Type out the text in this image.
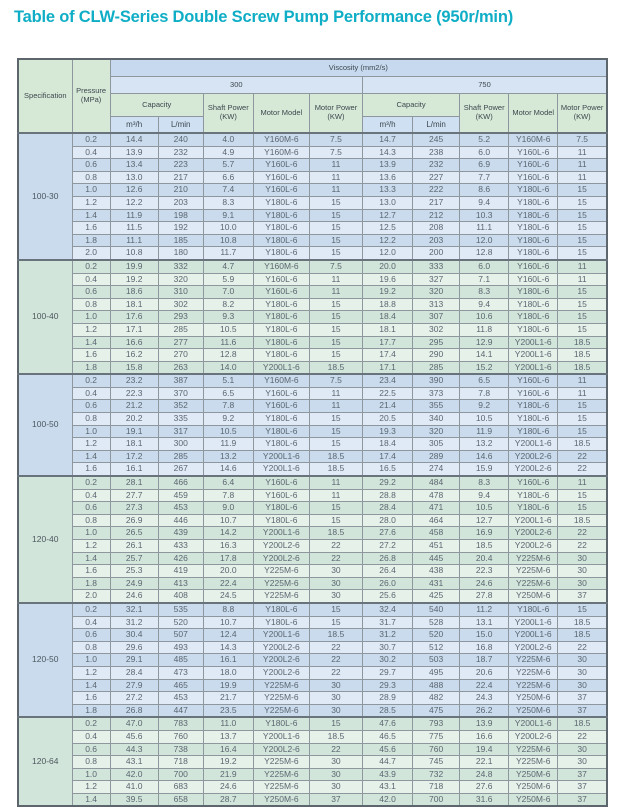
Table of CLW-Series Double Screw Pump Performance (950r/min)
Specification	Pressure (MPa)	Viscosity (mm2/s)									
		300					750				
		Capacity		Shaft Power (KW)	Motor Model	Motor Power (KW)	Capacity		Shaft Power (KW)	Motor Model	Motor Power (KW)
		m³/h	L/min				m³/h	L/min			
100-30	0.2	14.4	240	4.0	Y160M-6	7.5	14.7	245	5.2	Y160M-6	7.5
	0.4	13.9	232	4.9	Y160M-6	7.5	14.3	238	6.0	Y160L-6	11
	0.6	13.4	223	5.7	Y160L-6	11	13.9	232	6.9	Y160L-6	11
	0.8	13.0	217	6.6	Y160L-6	11	13.6	227	7.7	Y160L-6	11
	1.0	12.6	210	7.4	Y160L-6	11	13.3	222	8.6	Y180L-6	15
	1.2	12.2	203	8.3	Y180L-6	15	13.0	217	9.4	Y180L-6	15
	1.4	11.9	198	9.1	Y180L-6	15	12.7	212	10.3	Y180L-6	15
	1.6	11.5	192	10.0	Y180L-6	15	12.5	208	11.1	Y180L-6	15
	1.8	11.1	185	10.8	Y180L-6	15	12.2	203	12.0	Y180L-6	15
	2.0	10.8	180	11.7	Y180L-6	15	12.0	200	12.8	Y180L-6	15
100-40	0.2	19.9	332	4.7	Y160M-6	7.5	20.0	333	6.0	Y160L-6	11
	0.4	19.2	320	5.9	Y160L-6	11	19.6	327	7.1	Y160L-6	11
	0.6	18.6	310	7.0	Y160L-6	11	19.2	320	8.3	Y180L-6	15
	0.8	18.1	302	8.2	Y180L-6	15	18.8	313	9.4	Y180L-6	15
	1.0	17.6	293	9.3	Y180L-6	15	18.4	307	10.6	Y180L-6	15
	1.2	17.1	285	10.5	Y180L-6	15	18.1	302	11.8	Y180L-6	15
	1.4	16.6	277	11.6	Y180L-6	15	17.7	295	12.9	Y200L1-6	18.5
	1.6	16.2	270	12.8	Y180L-6	15	17.4	290	14.1	Y200L1-6	18.5
	1.8	15.8	263	14.0	Y200L1-6	18.5	17.1	285	15.2	Y200L1-6	18.5
100-50	0.2	23.2	387	5.1	Y160M-6	7.5	23.4	390	6.5	Y160L-6	11
	0.4	22.3	370	6.5	Y160L-6	11	22.5	373	7.8	Y160L-6	11
	0.6	21.2	352	7.8	Y160L-6	11	21.4	355	9.2	Y180L-6	15
	0.8	20.2	335	9.2	Y180L-6	15	20.5	340	10.5	Y180L-6	15
	1.0	19.1	317	10.5	Y180L-6	15	19.3	320	11.9	Y180L-6	15
	1.2	18.1	300	11.9	Y180L-6	15	18.4	305	13.2	Y200L1-6	18.5
	1.4	17.2	285	13.2	Y200L1-6	18.5	17.4	289	14.6	Y200L2-6	22
	1.6	16.1	267	14.6	Y200L1-6	18.5	16.5	274	15.9	Y200L2-6	22
120-40	0.2	28.1	466	6.4	Y160L-6	11	29.2	484	8.3	Y160L-6	11
	0.4	27.7	459	7.8	Y160L-6	11	28.8	478	9.4	Y180L-6	15
	0.6	27.3	453	9.0	Y180L-6	15	28.4	471	10.5	Y180L-6	15
	0.8	26.9	446	10.7	Y180L-6	15	28.0	464	12.7	Y200L1-6	18.5
	1.0	26.5	439	14.2	Y200L1-6	18.5	27.6	458	16.9	Y200L2-6	22
	1.2	26.1	433	16.3	Y200L2-6	22	27.2	451	18.5	Y200L2-6	22
	1.4	25.7	426	17.8	Y200L2-6	22	26.8	445	20.4	Y225M-6	30
	1.6	25.3	419	20.0	Y225M-6	30	26.4	438	22.3	Y225M-6	30
	1.8	24.9	413	22.4	Y225M-6	30	26.0	431	24.6	Y225M-6	30
	2.0	24.6	408	24.5	Y225M-6	30	25.6	425	27.8	Y250M-6	37
120-50	0.2	32.1	535	8.8	Y180L-6	15	32.4	540	11.2	Y180L-6	15
	0.4	31.2	520	10.7	Y180L-6	15	31.7	528	13.1	Y200L1-6	18.5
	0.6	30.4	507	12.4	Y200L1-6	18.5	31.2	520	15.0	Y200L1-6	18.5
	0.8	29.6	493	14.3	Y200L2-6	22	30.7	512	16.8	Y200L2-6	22
	1.0	29.1	485	16.1	Y200L2-6	22	30.2	503	18.7	Y225M-6	30
	1.2	28.4	473	18.0	Y200L2-6	22	29.7	495	20.6	Y225M-6	30
	1.4	27.9	465	19.9	Y225M-6	30	29.3	488	22.4	Y225M-6	30
	1.6	27.2	453	21.7	Y225M-6	30	28.9	482	24.3	Y250M-6	37
	1.8	26.8	447	23.5	Y225M-6	30	28.5	475	26.2	Y250M-6	37
120-64	0.2	47.0	783	11.0	Y180L-6	15	47.6	793	13.9	Y200L1-6	18.5
	0.4	45.6	760	13.7	Y200L1-6	18.5	46.5	775	16.6	Y200L2-6	22
	0.6	44.3	738	16.4	Y200L2-6	22	45.6	760	19.4	Y225M-6	30
	0.8	43.1	718	19.2	Y225M-6	30	44.7	745	22.1	Y225M-6	30
	1.0	42.0	700	21.9	Y225M-6	30	43.9	732	24.8	Y250M-6	37
	1.2	41.0	683	24.6	Y225M-6	30	43.1	718	27.6	Y250M-6	37
	1.4	39.5	658	28.7	Y250M-6	37	42.0	700	31.6	Y250M-6	37
